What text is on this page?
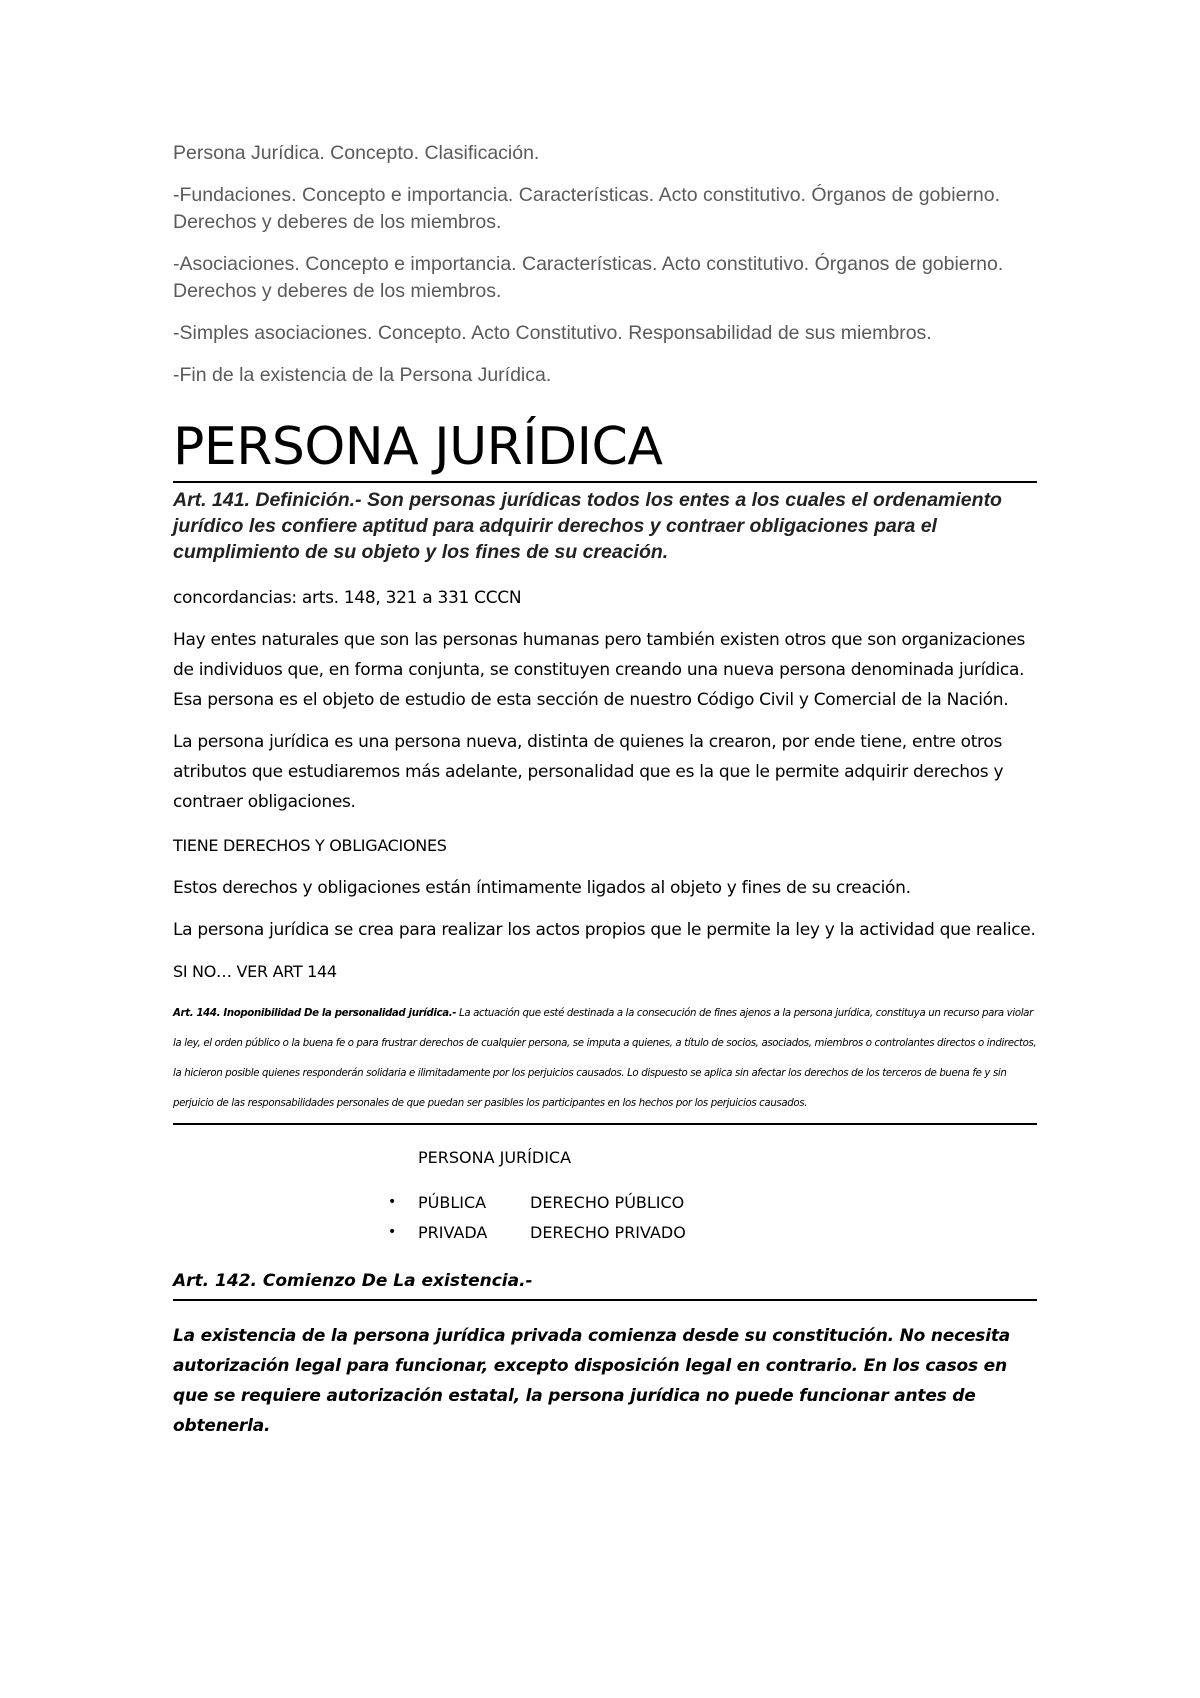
Persona Jurídica. Concepto. Clasificación.

-Fundaciones. Concepto e importancia. Características. Acto constitutivo. Órganos de gobierno. Derechos y deberes de los miembros.

-Asociaciones. Concepto e importancia. Características. Acto constitutivo. Órganos de gobierno. Derechos y deberes de los miembros.

-Simples asociaciones. Concepto. Acto Constitutivo. Responsabilidad de sus miembros.

-Fin de la existencia de la Persona Jurídica.

PERSONA JURÍDICA

Art. 141. Definición.- Son personas jurídicas todos los entes a los cuales el ordenamiento jurídico les confiere aptitud para adquirir derechos y contraer obligaciones para el cumplimiento de su objeto y los fines de su creación.

concordancias: arts. 148, 321 a 331 CCCN

Hay entes naturales que son las personas humanas pero también existen otros que son organizaciones de individuos que, en forma conjunta, se constituyen creando una nueva persona denominada jurídica. Esa persona es el objeto de estudio de esta sección de nuestro Código Civil y Comercial de la Nación.

La persona jurídica es una persona nueva, distinta de quienes la crearon, por ende tiene, entre otros atributos que estudiaremos más adelante, personalidad que es la que le permite adquirir derechos y contraer obligaciones.

TIENE DERECHOS Y OBLIGACIONES

Estos derechos y obligaciones están íntimamente ligados al objeto y fines de su creación.

La persona jurídica se crea para realizar los actos propios que le permite la ley y la actividad que realice.

SI NO… VER ART 144

Art. 144. Inoponibilidad De la personalidad jurídica.- La actuación que esté destinada a la consecución de fines ajenos a la persona jurídica, constituya un recurso para violar la ley, el orden público o la buena fe o para frustrar derechos de cualquier persona, se imputa a quienes, a título de socios, asociados, miembros o controlantes directos o indirectos, la hicieron posible quienes responderán solidaria e ilimitadamente por los perjuicios causados. Lo dispuesto se aplica sin afectar los derechos de los terceros de buena fe y sin perjuicio de las responsabilidades personales de que puedan ser pasibles los participantes en los hechos por los perjuicios causados.

PERSONA JURÍDICA
•	PÚBLICA	DERECHO PÚBLICO
•	PRIVADA	DERECHO PRIVADO

Art. 142. Comienzo De La existencia.-

La existencia de la persona jurídica privada comienza desde su constitución. No necesita autorización legal para funcionar, excepto disposición legal en contrario. En los casos en que se requiere autorización estatal, la persona jurídica no puede funcionar antes de obtenerla.
